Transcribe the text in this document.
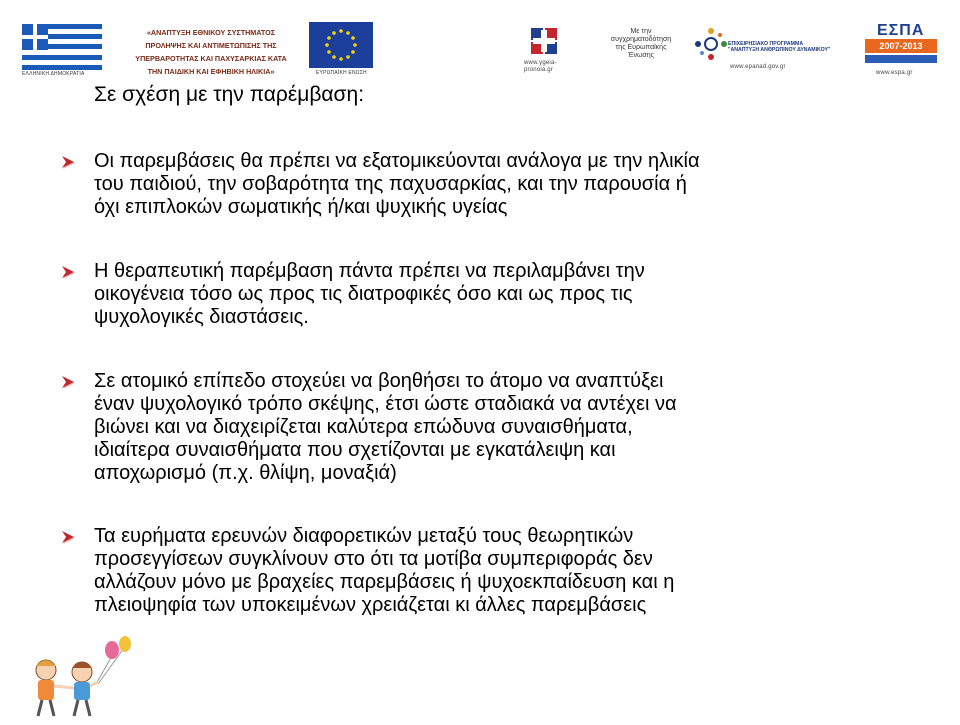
ΕΛΛΗΝΙΚΗ ΔΗΜΟΚΡΑΤΙΑ
«ΑΝΑΠΤΥΞΗ ΕΘΝΙΚΟΥ ΣΥΣΤΗΜΑΤΟΣ
ΠΡΟΛΗΨΗΣ ΚΑΙ ΑΝΤΙΜΕΤΩΠΙΣΗΣ ΤΗΣ
ΥΠΕΡΒΑΡΟΤΗΤΑΣ ΚΑΙ ΠΑΧΥΣΑΡΚΙΑΣ ΚΑΤΑ
ΤΗΝ ΠΑΙΔΙΚΗ ΚΑΙ ΕΦΗΒΙΚΗ ΗΛΙΚΙΑ»	ΕΥΡΩΠΑΪΚΗ ΕΝΩΣΗ
www.ygeia-pronoia.gr
Με την
συγχρηματοδότηση
της Ευρωπαϊκής
Ένωσης
ΕΠΙΧΕΙΡΗΣΙΑΚΟ ΠΡΟΓΡΑΜΜΑ
"ΑΝΑΠΤΥΞΗ ΑΝΘΡΩΠΙΝΟΥ ΔΥΝΑΜΙΚΟΥ"
www.epanad.gov.gr
ΕΣΠΑ
2007-2013
www.espa.gr
Σε σχέση με την παρέμβαση:
Οι παρεμβάσεις θα πρέπει να εξατομικεύονται ανάλογα με την ηλικία
του παιδιού, την σοβαρότητα της παχυσαρκίας, και την παρουσία ή
όχι επιπλοκών σωματικής ή/και ψυχικής υγείας
Η θεραπευτική παρέμβαση πάντα πρέπει να περιλαμβάνει την
οικογένεια τόσο ως προς τις διατροφικές όσο και ως προς τις
ψυχολογικές διαστάσεις.
Σε ατομικό επίπεδο στοχεύει να βοηθήσει το άτομο να αναπτύξει
έναν ψυχολογικό τρόπο σκέψης, έτσι ώστε σταδιακά να αντέχει να
βιώνει και να διαχειρίζεται καλύτερα επώδυνα συναισθήματα,
ιδιαίτερα συναισθήματα που σχετίζονται με εγκατάλειψη και
αποχωρισμό (π.χ. θλίψη, μοναξιά)
Τα ευρήματα ερευνών διαφορετικών μεταξύ τους θεωρητικών
προσεγγίσεων συγκλίνουν στο ότι τα μοτίβα συμπεριφοράς δεν
αλλάζουν μόνο με βραχείες παρεμβάσεις ή ψυχοεκπαίδευση και η
πλειοψηφία των υποκειμένων χρειάζεται κι άλλες παρεμβάσεις
